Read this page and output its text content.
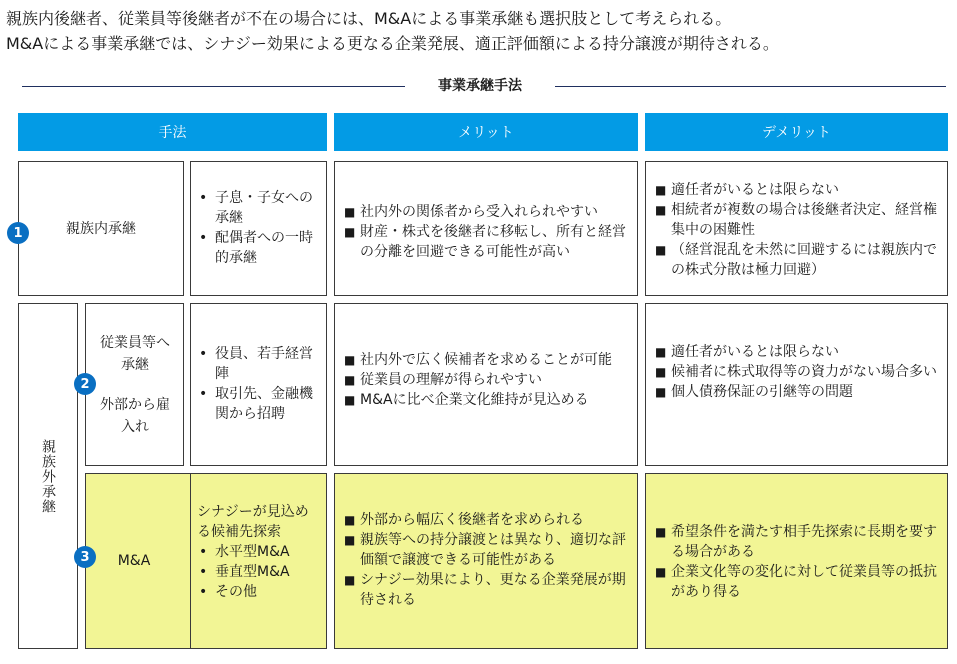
親族内後継者、従業員等後継者が不在の場合には、M&Aによる事業承継も選択肢として考えられる。
M&Aによる事業承継では、シナジー効果による更なる企業発展、適正評価額による持分譲渡が期待される。
事業承継手法
手法	メリット	デメリット
親族内承継
• 子息・子女への承継
• 配偶者への一時的承継
■ 社内外の関係者から受入れられやすい
■ 財産・株式を後継者に移転し、所有と経営の分離を回避できる可能性が高い
■ 適任者がいるとは限らない
■ 相続者が複数の場合は後継者決定、経営権集中の困難性
■ （経営混乱を未然に回避するには親族内での株式分散は極力回避）
1
親族外承継
従業員等へ承継
外部から雇入れ
• 役員、若手経営陣
• 取引先、金融機関から招聘
■ 社内外で広く候補者を求めることが可能
■ 従業員の理解が得られやすい
■ M&Aに比べ企業文化維持が見込める
■ 適任者がいるとは限らない
■ 候補者に株式取得等の資力がない場合多い
■ 個人債務保証の引継等の問題
2
M&A
シナジーが見込める候補先探索
• 水平型M&A
• 垂直型M&A
• その他
■ 外部から幅広く後継者を求められる
■ 親族等への持分譲渡とは異なり、適切な評価額で譲渡できる可能性がある
■ シナジー効果により、更なる企業発展が期待される
■ 希望条件を満たす相手先探索に長期を要する場合がある
■ 企業文化等の変化に対して従業員等の抵抗があり得る
3
